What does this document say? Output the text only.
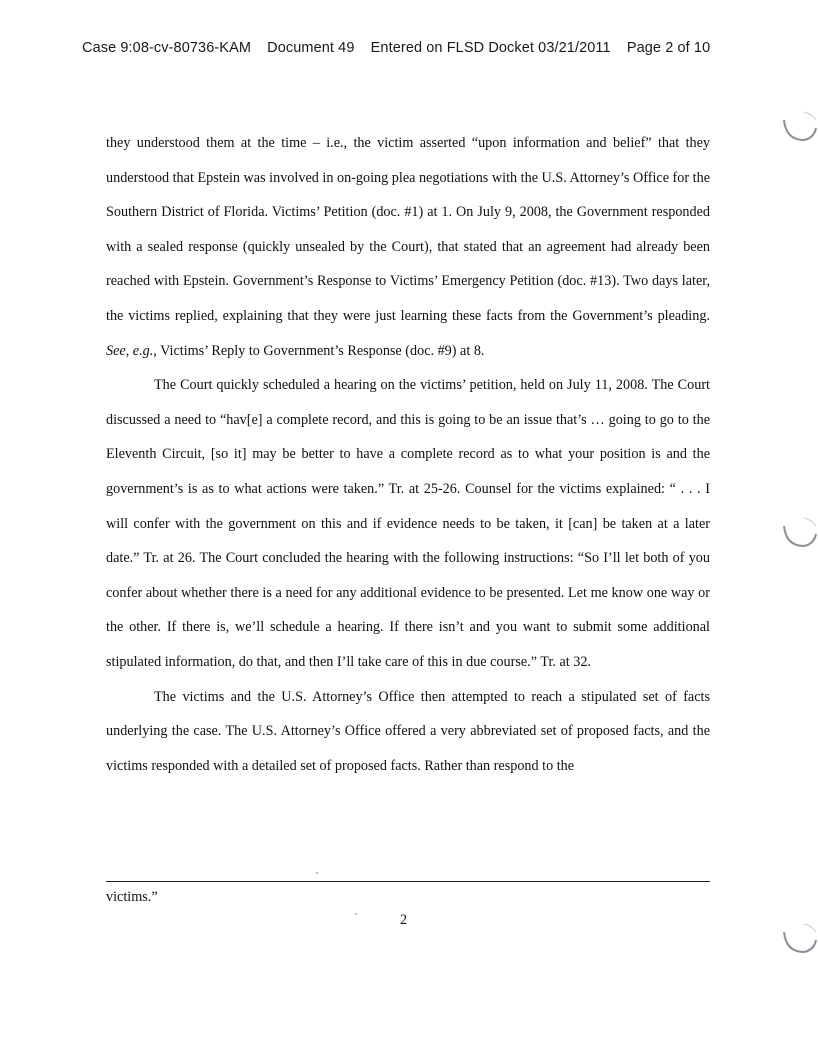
Case 9:08-cv-80736-KAM Document 49 Entered on FLSD Docket 03/21/2011 Page 2 of 10

they understood them at the time – i.e., the victim asserted “upon information and belief” that they understood that Epstein was involved in on-going plea negotiations with the U.S. Attorney’s Office for the Southern District of Florida. Victims’ Petition (doc. #1) at 1. On July 9, 2008, the Government responded with a sealed response (quickly unsealed by the Court), that stated that an agreement had already been reached with Epstein. Government’s Response to Victims’ Emergency Petition (doc. #13). Two days later, the victims replied, explaining that they were just learning these facts from the Government’s pleading. See, e.g., Victims’ Reply to Government’s Response (doc. #9) at 8.

The Court quickly scheduled a hearing on the victims’ petition, held on July 11, 2008. The Court discussed a need to “hav[e] a complete record, and this is going to be an issue that’s … going to go to the Eleventh Circuit, [so it] may be better to have a complete record as to what your position is and the government’s is as to what actions were taken.” Tr. at 25-26. Counsel for the victims explained: “ . . . I will confer with the government on this and if evidence needs to be taken, it [can] be taken at a later date.” Tr. at 26. The Court concluded the hearing with the following instructions: “So I’ll let both of you confer about whether there is a need for any additional evidence to be presented. Let me know one way or the other. If there is, we’ll schedule a hearing. If there isn’t and you want to submit some additional stipulated information, do that, and then I’ll take care of this in due course.” Tr. at 32.

The victims and the U.S. Attorney’s Office then attempted to reach a stipulated set of facts underlying the case. The U.S. Attorney’s Office offered a very abbreviated set of proposed facts, and the victims responded with a detailed set of proposed facts. Rather than respond to the

victims.”
2
